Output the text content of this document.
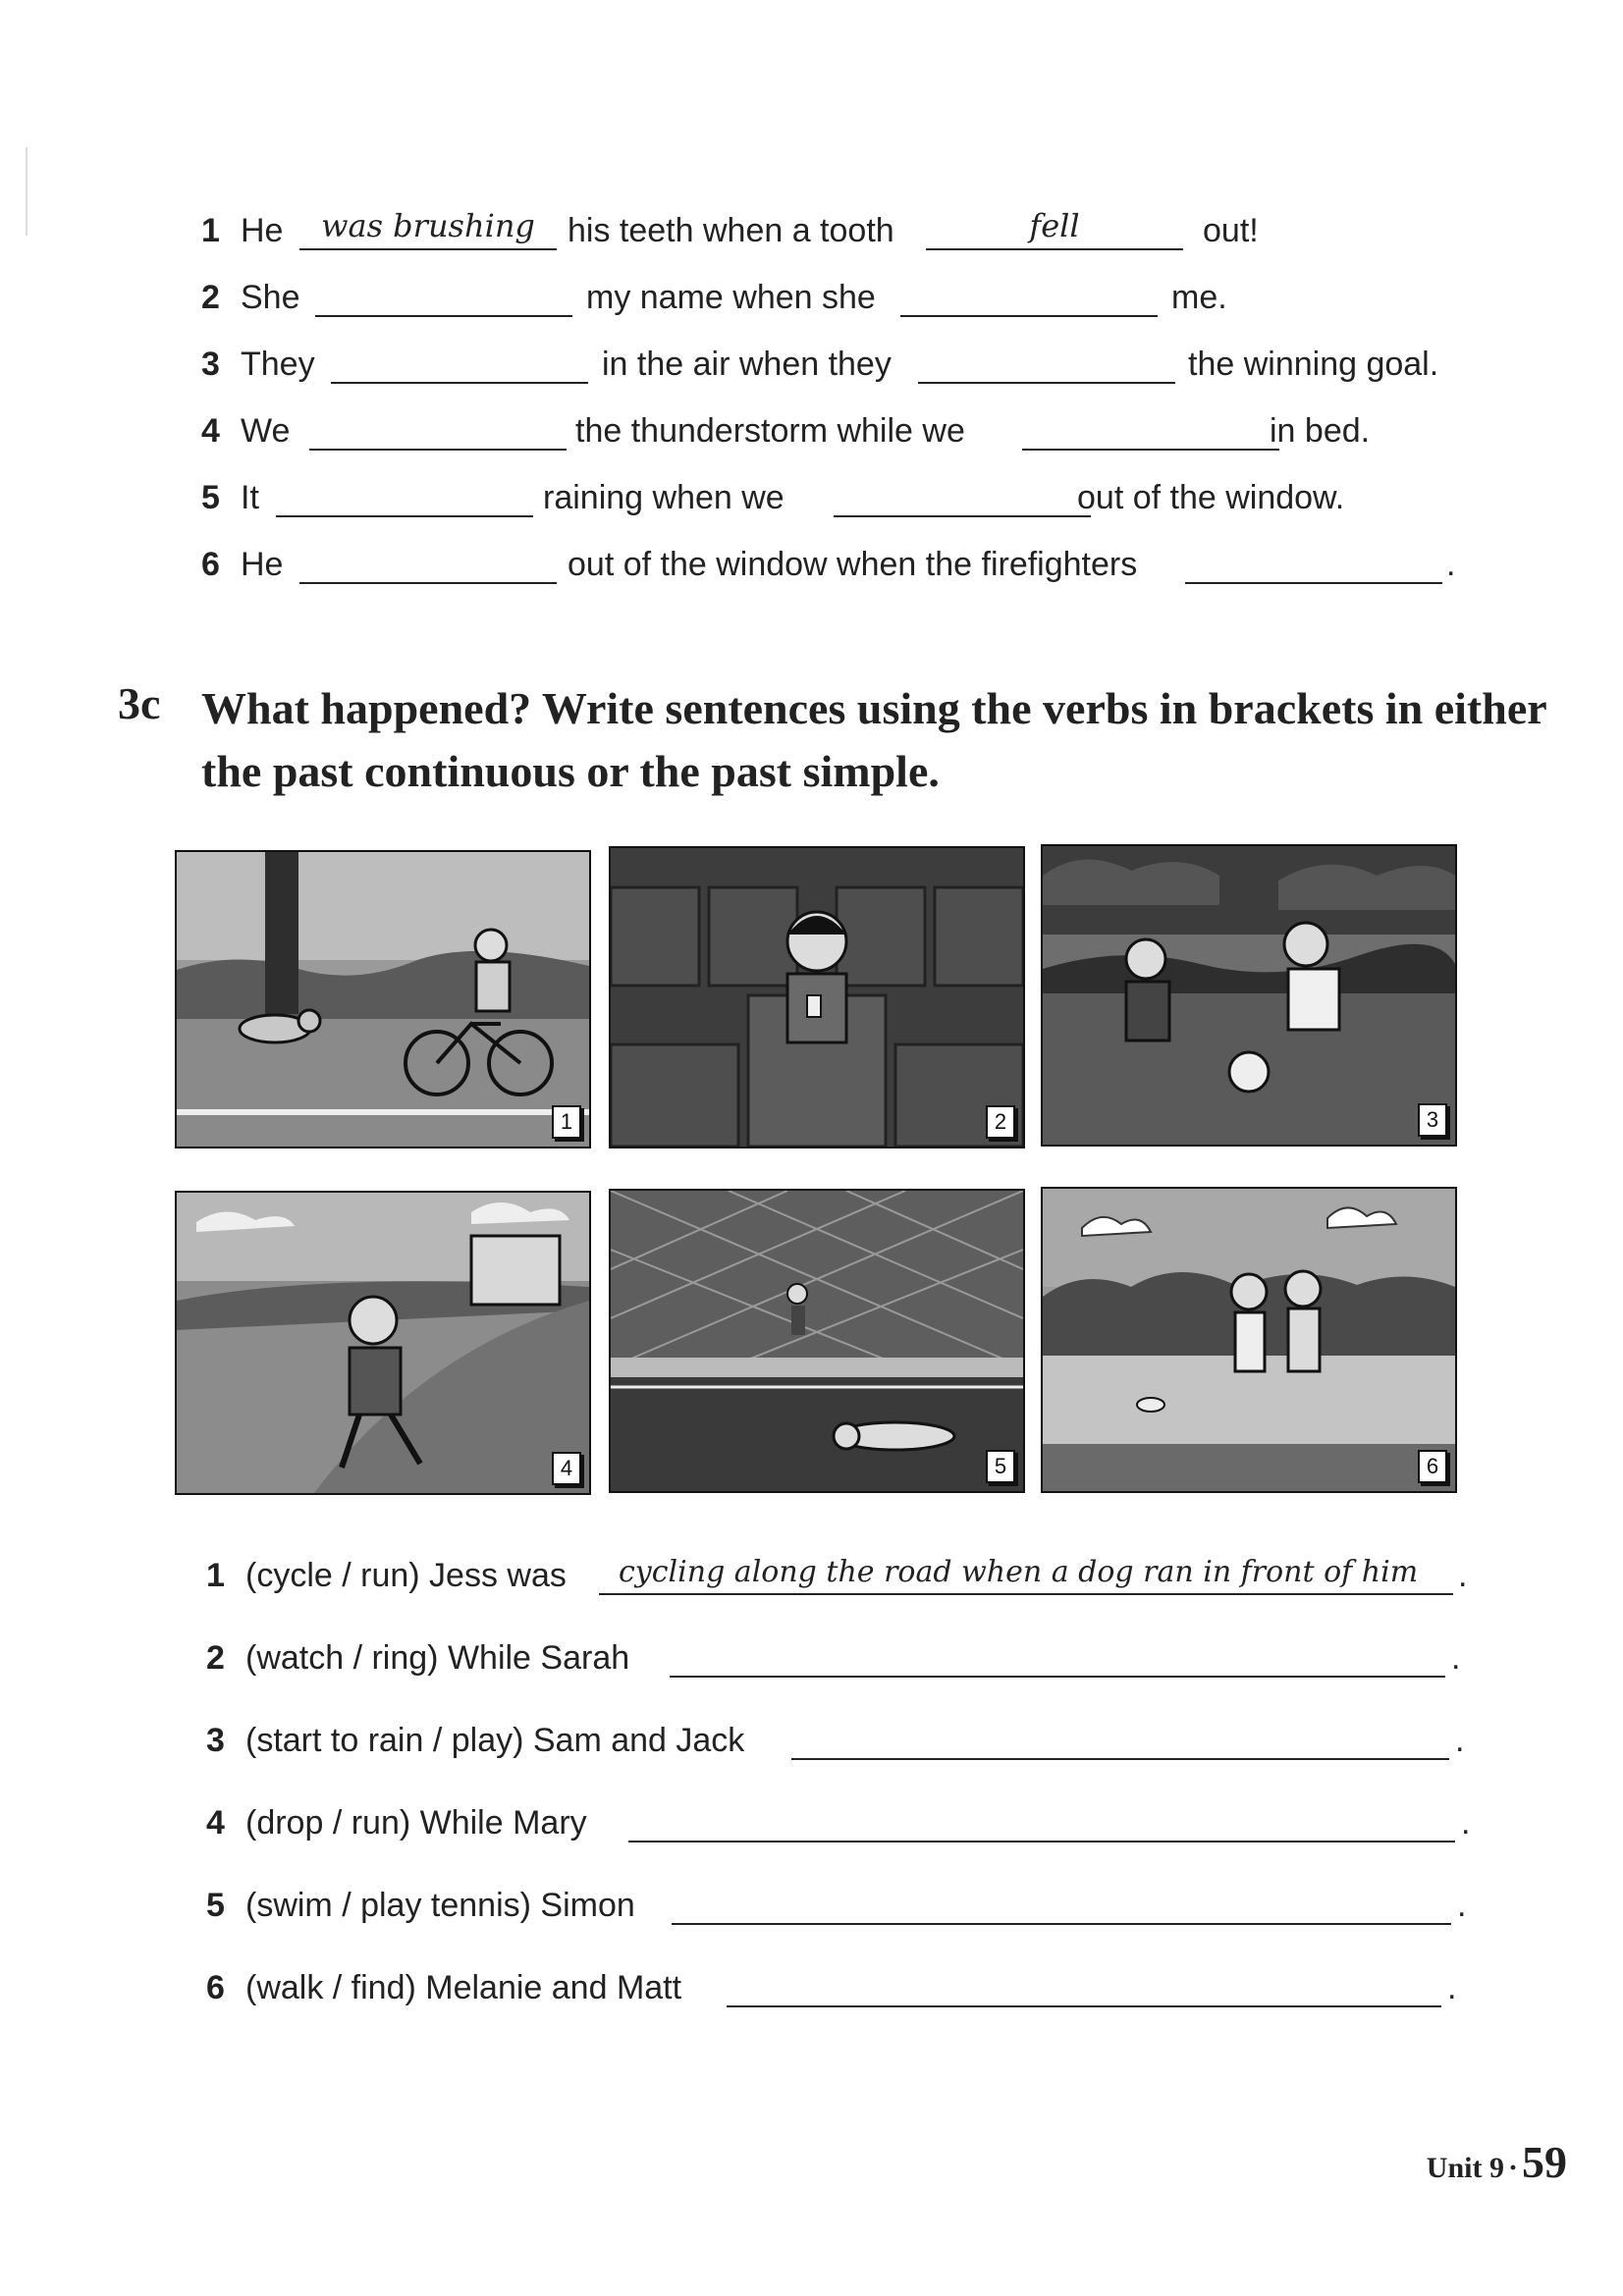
1 He	was brushing his teeth when a tooth	fell	out!
2 She	my name when she	me.
3 They	in the air when they	the winning goal.
4 We	the thunderstorm while we	in bed.
5 It	raining when we	out of the window.
6 He	out of the window when the firefighters	.
3c What happened? Write sentences using the verbs in brackets in either the past continuous or the past simple.
1	2	3
4	5	6
1 (cycle / run) Jess was cycling along the road when a dog ran in front of him .
2 (watch / ring) While Sarah	.
3 (start to rain / play) Sam and Jack	.
4 (drop / run) While Mary	.
5 (swim / play tennis) Simon	.
6 (walk / find) Melanie and Matt	.
Unit 9 ·59
